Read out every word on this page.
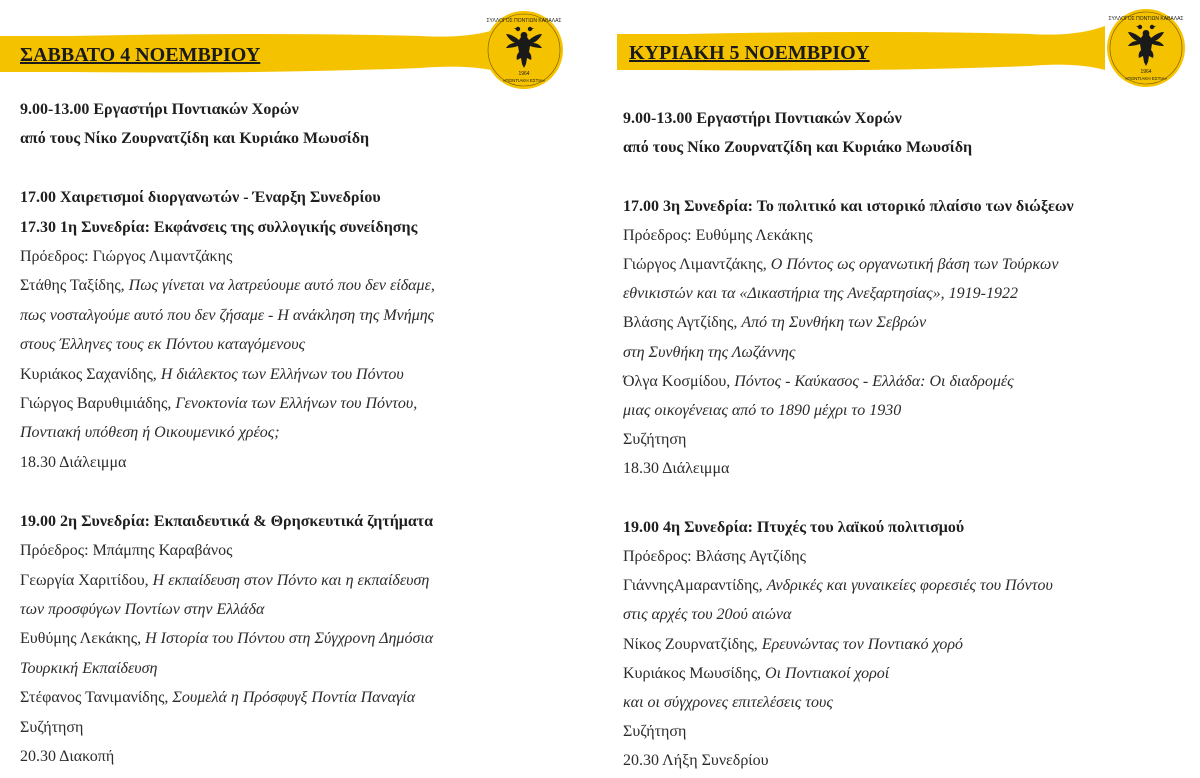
ΣΑΒΒΑΤΟ 4 ΝΟΕΜΒΡΙΟΥ
ΣΥΛΛΟΓΟΣ ΠΟΝΤΙΩΝ ΚΑΒΑΛΑΣ
1964
«ΠΟΝΤΙΑΚΗ ΕΣΤΙΑ»
9.00-13.00 Εργαστήρι Ποντιακών Χορών
από τους Νίκο Ζουρνατζίδη και Κυριάκο Μωυσίδη

17.00 Χαιρετισμοί διοργανωτών - Έναρξη Συνεδρίου
17.30 1η Συνεδρία: Εκφάνσεις της συλλογικής συνείδησης
Πρόεδρος: Γιώργος Λιμαντζάκης
Στάθης Ταξίδης, Πως γίνεται να λατρεύουμε αυτό που δεν είδαμε,
πως νοσταλγούμε αυτό που δεν ζήσαμε - Η ανάκληση της Μνήμης
στους Έλληνες τους εκ Πόντου καταγόμενους
Κυριάκος Σαχανίδης, Η διάλεκτος των Ελλήνων του Πόντου
Γιώργος Βαρυθιμιάδης, Γενοκτονία των Ελλήνων του Πόντου,
Ποντιακή υπόθεση ή Οικουμενικό χρέος;
18.30 Διάλειμμα

19.00 2η Συνεδρία: Εκπαιδευτικά & Θρησκευτικά ζητήματα
Πρόεδρος: Μπάμπης Καραβάνος
Γεωργία Χαριτίδου, Η εκπαίδευση στον Πόντο και η εκπαίδευση
των προσφύγων Ποντίων στην Ελλάδα
Ευθύμης Λεκάκης, Η Ιστορία του Πόντου στη Σύγχρονη Δημόσια
Τουρκική Εκπαίδευση
Στέφανος Τανιμανίδης, Σουμελά η Πρόσφυγξ Ποντία Παναγία
Συζήτηση
20.30 Διακοπή
ΚΥΡΙΑΚΗ 5 ΝΟΕΜΒΡΙΟΥ
ΣΥΛΛΟΓΟΣ ΠΟΝΤΙΩΝ ΚΑΒΑΛΑΣ
1964
«ΠΟΝΤΙΑΚΗ ΕΣΤΙΑ»
9.00-13.00 Εργαστήρι Ποντιακών Χορών
από τους Νίκο Ζουρνατζίδη και Κυριάκο Μωυσίδη

17.00 3η Συνεδρία: Το πολιτικό και ιστορικό πλαίσιο των διώξεων
Πρόεδρος: Ευθύμης Λεκάκης
Γιώργος Λιμαντζάκης, Ο Πόντος ως οργανωτική βάση των Τούρκων
εθνικιστών και τα «Δικαστήρια της Ανεξαρτησίας», 1919-1922
Βλάσης Αγτζίδης, Από τη Συνθήκη των Σεβρών
στη Συνθήκη της Λωζάννης
Όλγα Κοσμίδου, Πόντος - Καύκασος - Ελλάδα: Οι διαδρομές
μιας οικογένειας από το 1890 μέχρι το 1930
Συζήτηση
18.30 Διάλειμμα

19.00 4η Συνεδρία: Πτυχές του λαϊκού πολιτισμού
Πρόεδρος: Βλάσης Αγτζίδης
ΓιάννηςΑμαραντίδης, Ανδρικές και γυναικείες φορεσιές του Πόντου
στις αρχές του 20ού αιώνα
Νίκος Ζουρνατζίδης, Ερευνώντας τον Ποντιακό χορό
Κυριάκος Μωυσίδης, Οι Ποντιακοί χοροί
και οι σύγχρονες επιτελέσεις τους
Συζήτηση
20.30 Λήξη Συνεδρίου
